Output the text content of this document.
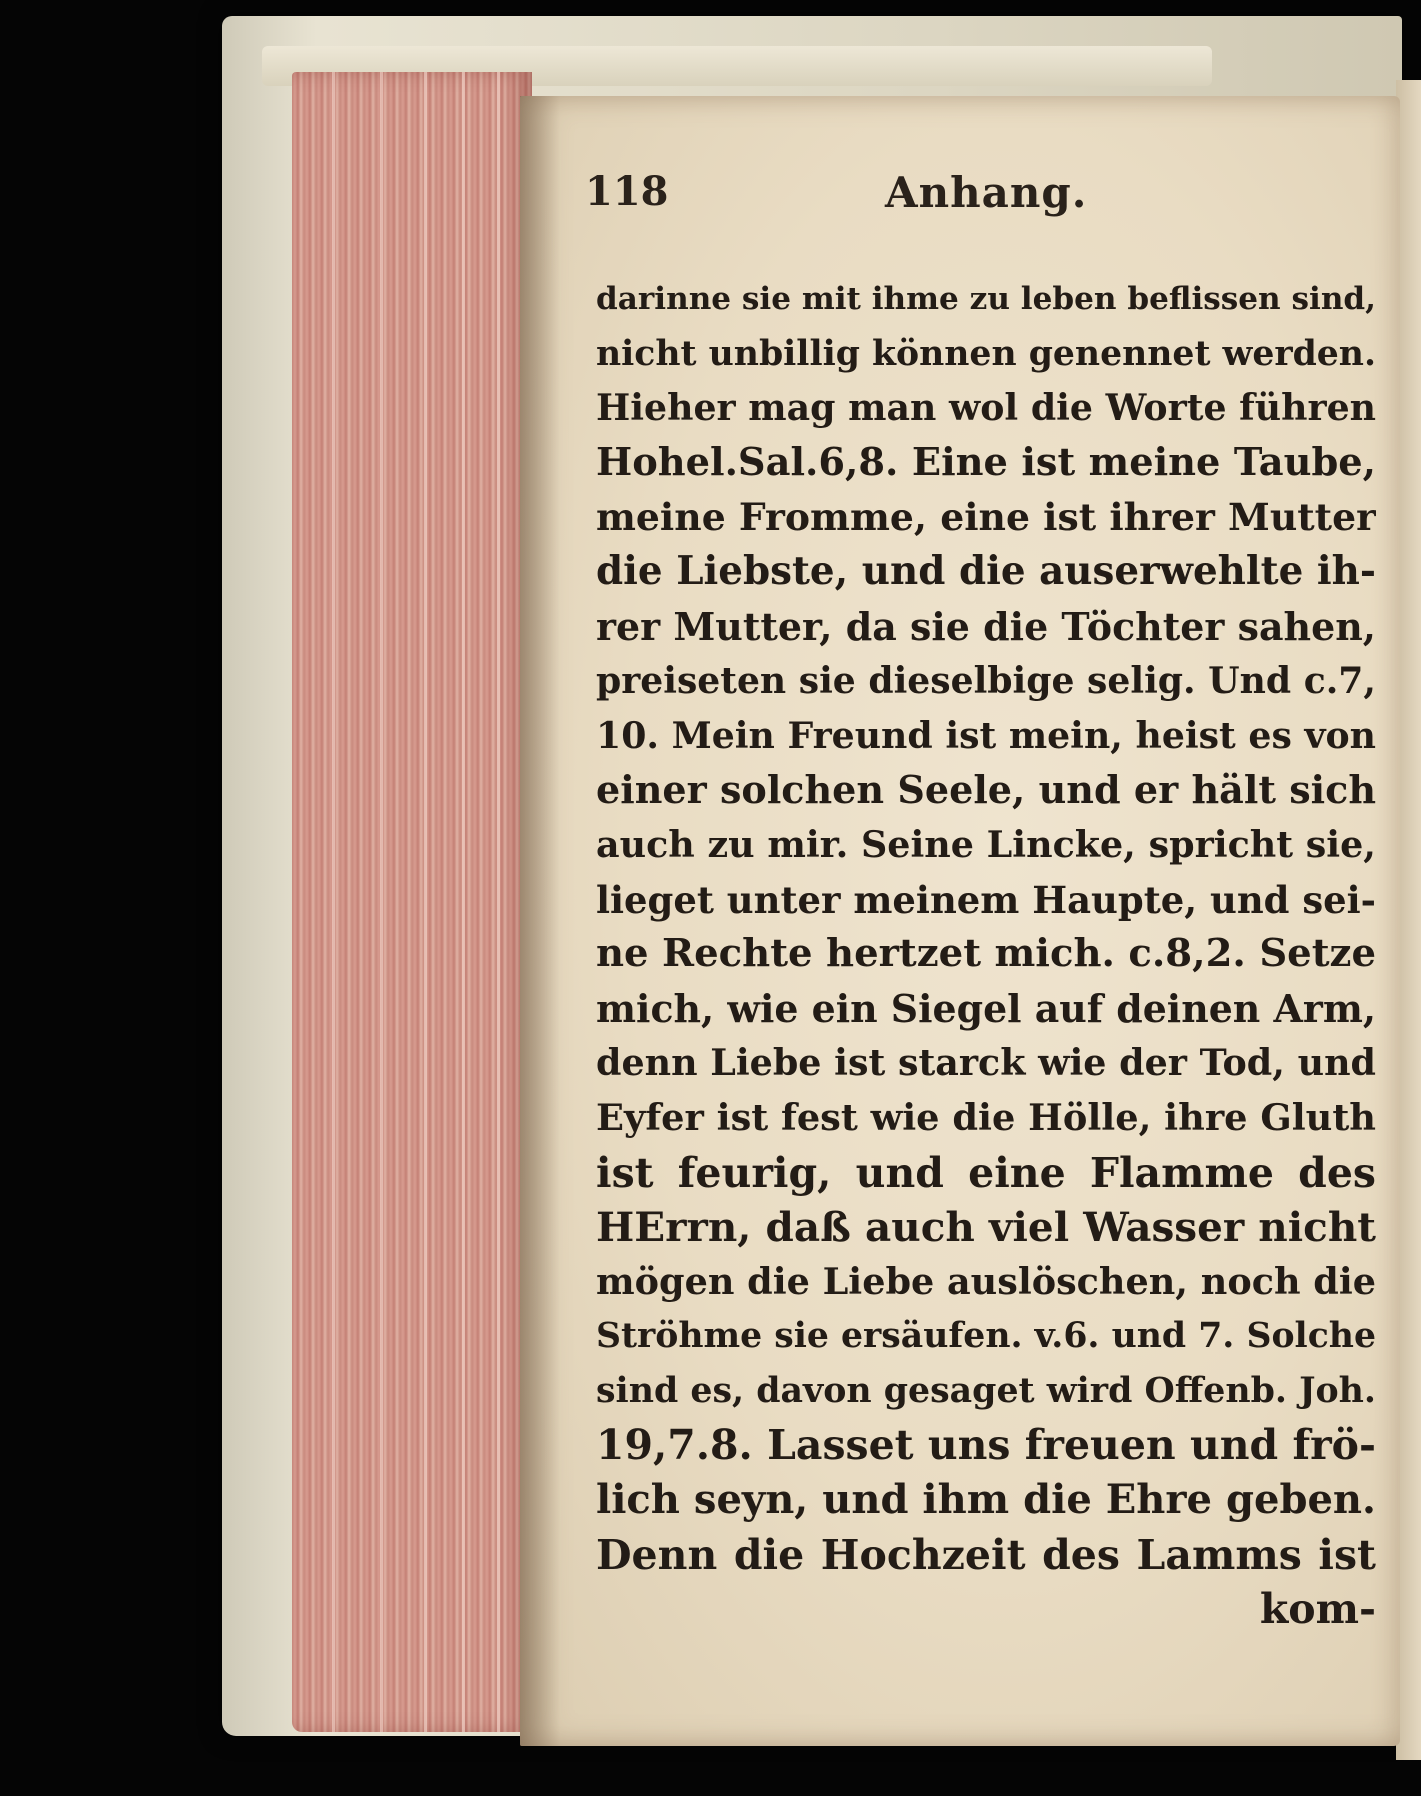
118	Anhang.
darinne sie mit ihme zu leben beflissen sind,
nicht unbillig können genennet werden.
Hieher mag man wol die Worte führen
Hohel.Sal.6,8. Eine ist meine Taube,
meine Fromme, eine ist ihrer Mutter
die Liebste, und die auserwehlte ih-
rer Mutter, da sie die Töchter sahen,
preiseten sie dieselbige selig. Und c.7,
10. Mein Freund ist mein, heist es von
einer solchen Seele, und er hält sich
auch zu mir. Seine Lincke, spricht sie,
lieget unter meinem Haupte, und sei-
ne Rechte hertzet mich. c.8,2. Setze
mich, wie ein Siegel auf deinen Arm,
denn Liebe ist starck wie der Tod, und
Eyfer ist fest wie die Hölle, ihre Gluth
ist feurig, und eine Flamme des
HErrn, daß auch viel Wasser nicht
mögen die Liebe auslöschen, noch die
Ströhme sie ersäufen. v.6. und 7. Solche
sind es, davon gesaget wird Offenb. Joh.
19,7.8. Lasset uns freuen und frö-
lich seyn, und ihm die Ehre geben.
Denn die Hochzeit des Lamms ist
kom-
